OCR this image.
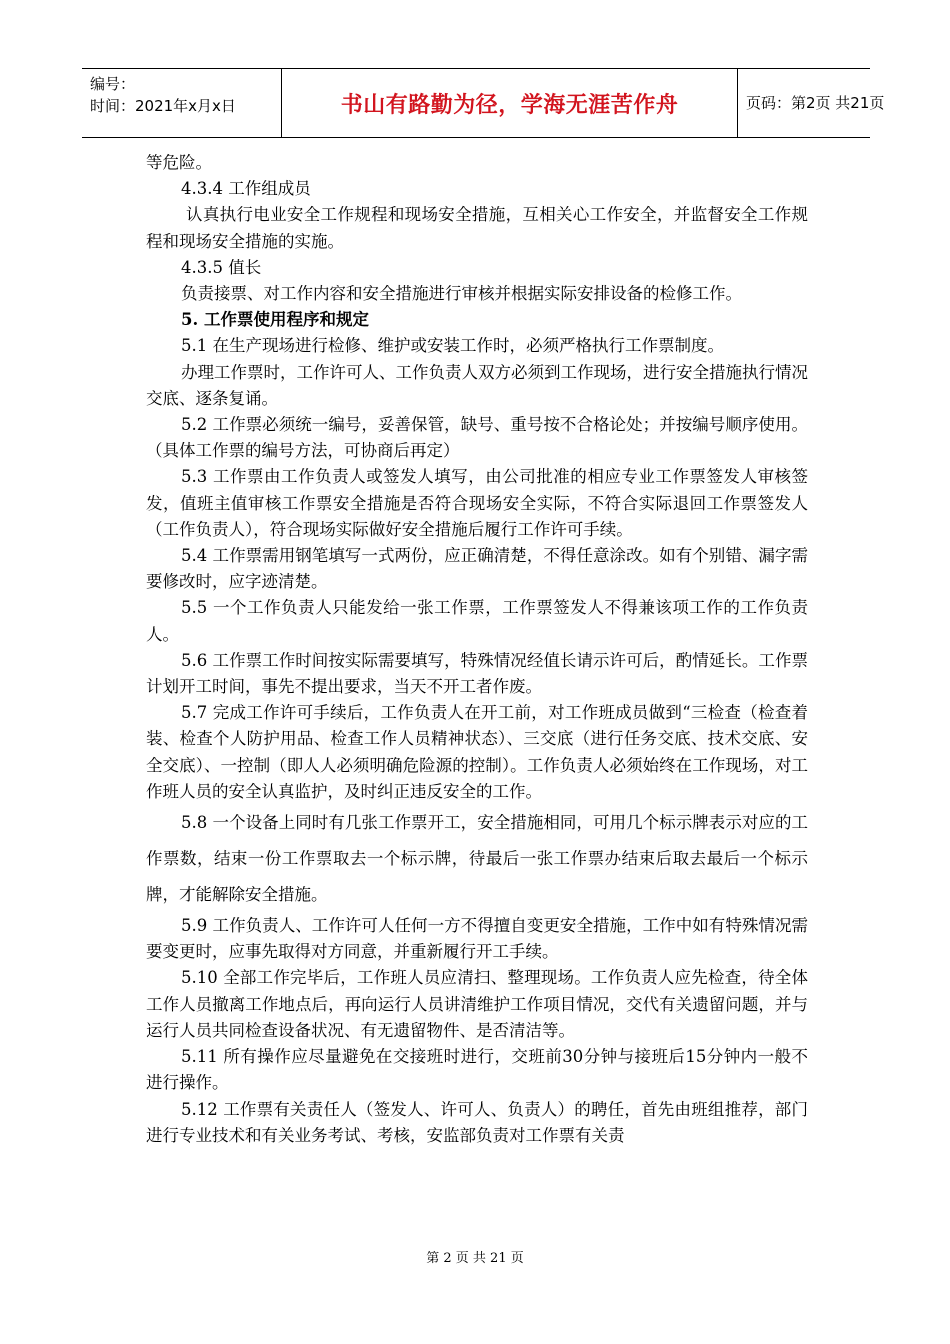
编号：
时间：2021年x月x日	书山有路勤为径，学海无涯苦作舟	页码：第2页 共21页

等危险。

4.3.4 工作组成员

认真执行电业安全工作规程和现场安全措施，互相关心工作安全，并监督安全工作规程和现场安全措施的实施。

4.3.5 值长

负责接票、对工作内容和安全措施进行审核并根据实际安排设备的检修工作。

5. 工作票使用程序和规定

5.1 在生产现场进行检修、维护或安装工作时，必须严格执行工作票制度。

办理工作票时，工作许可人、工作负责人双方必须到工作现场，进行安全措施执行情况交底、逐条复诵。

5.2 工作票必须统一编号，妥善保管，缺号、重号按不合格论处；并按编号顺序使用。（具体工作票的编号方法，可协商后再定）

5.3 工作票由工作负责人或签发人填写，由公司批准的相应专业工作票签发人审核签发，值班主值审核工作票安全措施是否符合现场安全实际，不符合实际退回工作票签发人（工作负责人），符合现场实际做好安全措施后履行工作许可手续。

5.4 工作票需用钢笔填写一式两份，应正确清楚，不得任意涂改。如有个别错、漏字需要修改时，应字迹清楚。

5.5 一个工作负责人只能发给一张工作票，工作票签发人不得兼该项工作的工作负责人。

5.6 工作票工作时间按实际需要填写，特殊情况经值长请示许可后，酌情延长。工作票计划开工时间，事先不提出要求，当天不开工者作废。

5.7 完成工作许可手续后，工作负责人在开工前，对工作班成员做到“三检查（检查着装、检查个人防护用品、检查工作人员精神状态）、三交底（进行任务交底、技术交底、安全交底）、一控制（即人人必须明确危险源的控制）。工作负责人必须始终在工作现场，对工作班人员的安全认真监护，及时纠正违反安全的工作。

5.8 一个设备上同时有几张工作票开工，安全措施相同，可用几个标示牌表示对应的工作票数，结束一份工作票取去一个标示牌，待最后一张工作票办结束后取去最后一个标示牌，才能解除安全措施。

5.9 工作负责人、工作许可人任何一方不得擅自变更安全措施，工作中如有特殊情况需要变更时，应事先取得对方同意，并重新履行开工手续。

5.10 全部工作完毕后，工作班人员应清扫、整理现场。工作负责人应先检查，待全体工作人员撤离工作地点后，再向运行人员讲清维护工作项目情况，交代有关遗留问题，并与运行人员共同检查设备状况、有无遗留物件、是否清洁等。

5.11 所有操作应尽量避免在交接班时进行，交班前30分钟与接班后15分钟内一般不进行操作。

5.12 工作票有关责任人（签发人、许可人、负责人）的聘任，首先由班组推荐，部门进行专业技术和有关业务考试、考核，安监部负责对工作票有关责

第 2 页 共 21 页
